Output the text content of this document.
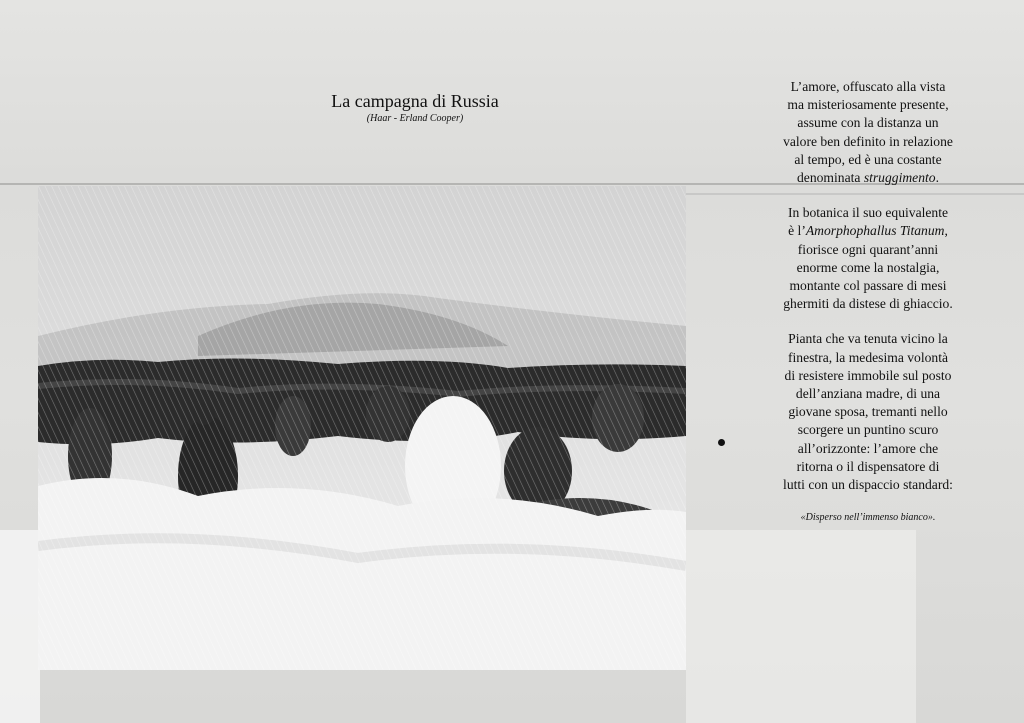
La campagna di Russia
(Haar - Erland Cooper)

L’amore, offuscato alla vista
ma misteriosamente presente,
assume con la distanza un
valore ben definito in relazione
al tempo, ed è una costante
denominata struggimento.

In botanica il suo equivalente
è l’Amorphophallus Titanum,
fiorisce ogni quarant’anni
enorme come la nostalgia,
montante col passare di mesi
ghermiti da distese di ghiaccio.

Pianta che va tenuta vicino la
finestra, la medesima volontà
di resistere immobile sul posto
dell’anziana madre, di una
giovane sposa, tremanti nello
scorgere un puntino scuro
all’orizzonte: l’amore che
ritorna o il dispensatore di
lutti con un dispaccio standard:

«Disperso nell’immenso bianco».
